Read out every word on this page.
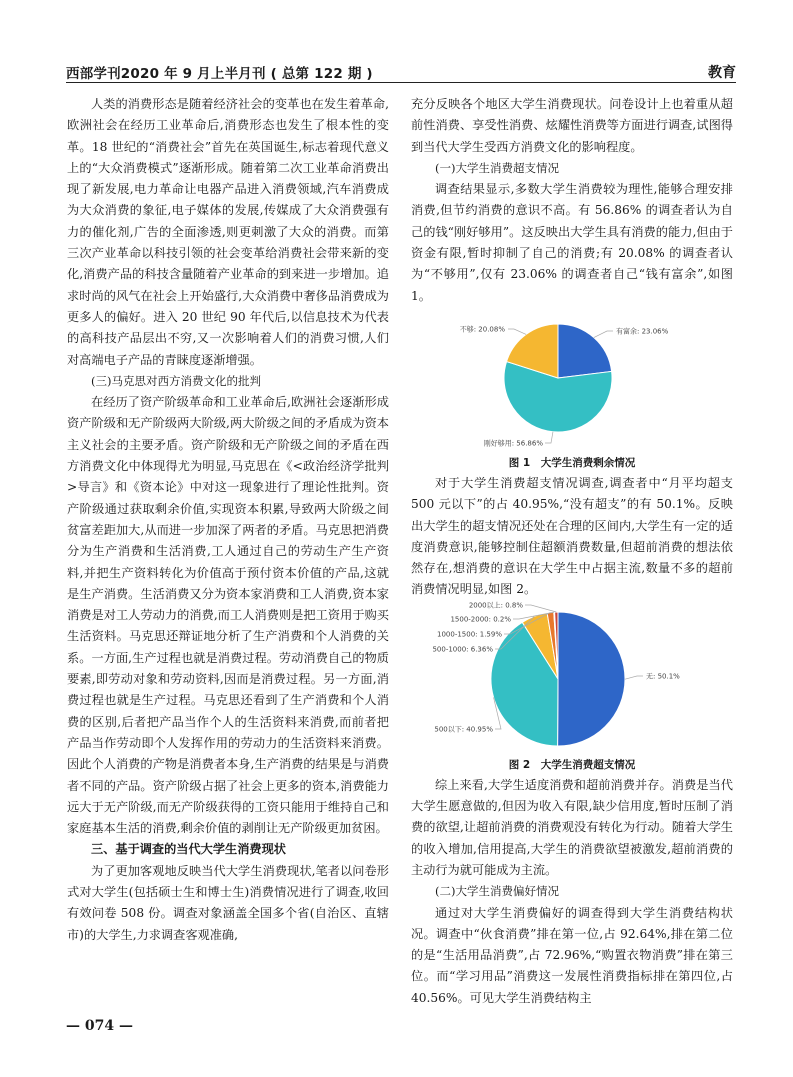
西部学刊2020 年 9 月上半月刊 ( 总第 122 期 )	教育

人类的消费形态是随着经济社会的变革也在发生着革命,欧洲社会在经历工业革命后,消费形态也发生了根本性的变革。18 世纪的“消费社会”首先在英国诞生,标志着现代意义上的“大众消费模式”逐渐形成。随着第二次工业革命消费出现了新发展,电力革命让电器产品进入消费领域,汽车消费成为大众消费的象征,电子媒体的发展,传媒成了大众消费强有力的催化剂,广告的全面渗透,则更刺激了大众的消费。而第三次产业革命以科技引领的社会变革给消费社会带来新的变化,消费产品的科技含量随着产业革命的到来进一步增加。追求时尚的风气在社会上开始盛行,大众消费中奢侈品消费成为更多人的偏好。进入 20 世纪 90 年代后,以信息技术为代表的高科技产品层出不穷,又一次影响着人们的消费习惯,人们对高端电子产品的青睐度逐渐增强。

(三)马克思对西方消费文化的批判

在经历了资产阶级革命和工业革命后,欧洲社会逐渐形成资产阶级和无产阶级两大阶级,两大阶级之间的矛盾成为资本主义社会的主要矛盾。资产阶级和无产阶级之间的矛盾在西方消费文化中体现得尤为明显,马克思在《<政治经济学批判>导言》和《资本论》中对这一现象进行了理论性批判。资产阶级通过获取剩余价值,实现资本积累,导致两大阶级之间贫富差距加大,从而进一步加深了两者的矛盾。马克思把消费分为生产消费和生活消费,工人通过自己的劳动生产生产资料,并把生产资料转化为价值高于预付资本价值的产品,这就是生产消费。生活消费又分为资本家消费和工人消费,资本家消费是对工人劳动力的消费,而工人消费则是把工资用于购买生活资料。马克思还辩证地分析了生产消费和个人消费的关系。一方面,生产过程也就是消费过程。劳动消费自己的物质要素,即劳动对象和劳动资料,因而是消费过程。另一方面,消费过程也就是生产过程。马克思还看到了生产消费和个人消费的区别,后者把产品当作个人的生活资料来消费,而前者把产品当作劳动即个人发挥作用的劳动力的生活资料来消费。因此个人消费的产物是消费者本身,生产消费的结果是与消费者不同的产品。资产阶级占据了社会上更多的资本,消费能力远大于无产阶级,而无产阶级获得的工资只能用于维持自己和家庭基本生活的消费,剩余价值的剥削让无产阶级更加贫困。

三、基于调查的当代大学生消费现状

为了更加客观地反映当代大学生消费现状,笔者以问卷形式对大学生(包括硕士生和博士生)消费情况进行了调查,收回有效问卷 508 份。调查对象涵盖全国多个省(自治区、直辖市)的大学生,力求调查客观准确,

充分反映各个地区大学生消费现状。问卷设计上也着重从超前性消费、享受性消费、炫耀性消费等方面进行调查,试图得到当代大学生受西方消费文化的影响程度。

(一)大学生消费超支情况

调查结果显示,多数大学生消费较为理性,能够合理安排消费,但节约消费的意识不高。有 56.86% 的调查者认为自己的钱“刚好够用”。这反映出大学生具有消费的能力,但由于资金有限,暂时抑制了自己的消费;有 20.08% 的调查者认为“不够用”,仅有 23.06% 的调查者自己“钱有富余”,如图 1。

有富余: 23.06%
刚好够用: 56.86%
不够: 20.08%
图 1　大学生消费剩余情况

对于大学生消费超支情况调查,调查者中“月平均超支 500 元以下”的占 40.95%,“没有超支”的有 50.1%。反映出大学生的超支情况还处在合理的区间内,大学生有一定的适度消费意识,能够控制住超额消费数量,但超前消费的想法依然存在,想消费的意识在大学生中占据主流,数量不多的超前消费情况明显,如图 2。

无: 50.1%
500以下: 40.95%
500-1000: 6.36%
1000-1500: 1.59%
1500-2000: 0.2%
2000以上: 0.8%
图 2　大学生消费超支情况

综上来看,大学生适度消费和超前消费并存。消费是当代大学生愿意做的,但因为收入有限,缺少信用度,暂时压制了消费的欲望,让超前消费的消费观没有转化为行动。随着大学生的收入增加,信用提高,大学生的消费欲望被激发,超前消费的主动行为就可能成为主流。

(二)大学生消费偏好情况

通过对大学生消费偏好的调查得到大学生消费结构状况。调查中“伙食消费”排在第一位,占 92.64%,排在第二位的是“生活用品消费”,占 72.96%,“购置衣物消费”排在第三位。而“学习用品”消费这一发展性消费指标排在第四位,占 40.56%。可见大学生消费结构主

— 074 —
